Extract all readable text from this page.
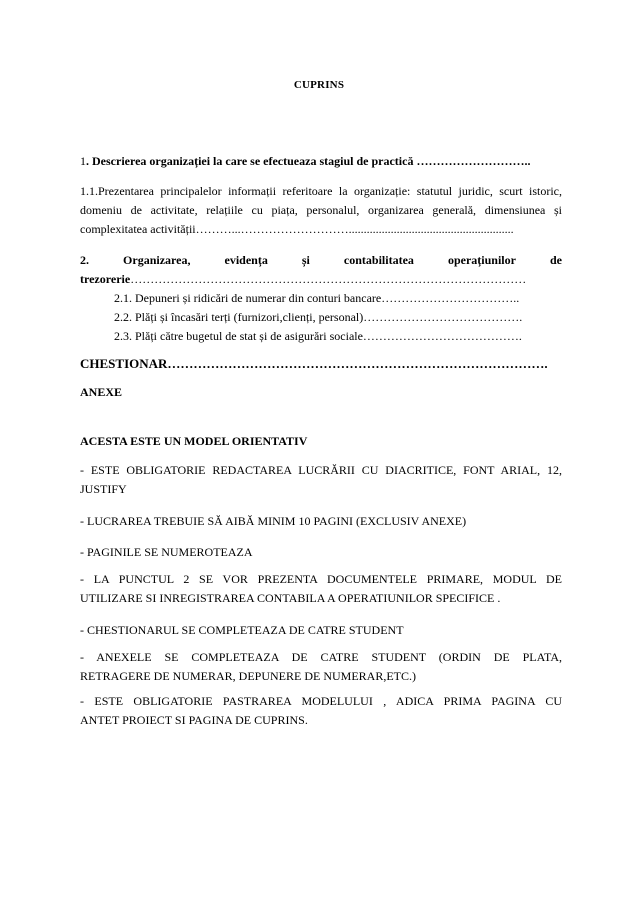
CUPRINS
1. Descrierea organizației la care se efectueaza stagiul de practică ………………………..
1.1.Prezentarea principalelor informații referitoare la organizație: statutul juridic, scurt istoric,
domeniu de activitate, relațiile cu piața, personalul, organizarea generală, dimensiunea și
complexitatea activității………...……………………….......................................................
2.	Organizarea,	evidența	și	contabilitatea	operațiunilor	de
trezorerie………………………………………………………………………………………
2.1. Depuneri și ridicări de numerar din conturi bancare……………………………..
2.2. Plăți și încasări terți (furnizori,clienți, personal)………………………………….
2.3. Plăți către bugetul de stat și de asigurări sociale………………………………….
CHESTIONAR…………………………………………………………………………….
ANEXE
ACESTA ESTE UN MODEL ORIENTATIV
- ESTE OBLIGATORIE REDACTAREA LUCRĂRII CU DIACRITICE, FONT ARIAL, 12,
JUSTIFY
- LUCRAREA TREBUIE SĂ AIBĂ MINIM 10 PAGINI (EXCLUSIV ANEXE)
- PAGINILE SE NUMEROTEAZA
- LA PUNCTUL 2 SE VOR PREZENTA DOCUMENTELE PRIMARE, MODUL DE
UTILIZARE SI INREGISTRAREA CONTABILA A OPERATIUNILOR SPECIFICE .
- CHESTIONARUL SE COMPLETEAZA DE CATRE STUDENT
- ANEXELE SE COMPLETEAZA DE CATRE STUDENT (ORDIN DE PLATA,
RETRAGERE DE NUMERAR, DEPUNERE DE NUMERAR,ETC.)
- ESTE OBLIGATORIE PASTRAREA MODELULUI , ADICA PRIMA PAGINA CU
ANTET PROIECT SI PAGINA DE CUPRINS.
